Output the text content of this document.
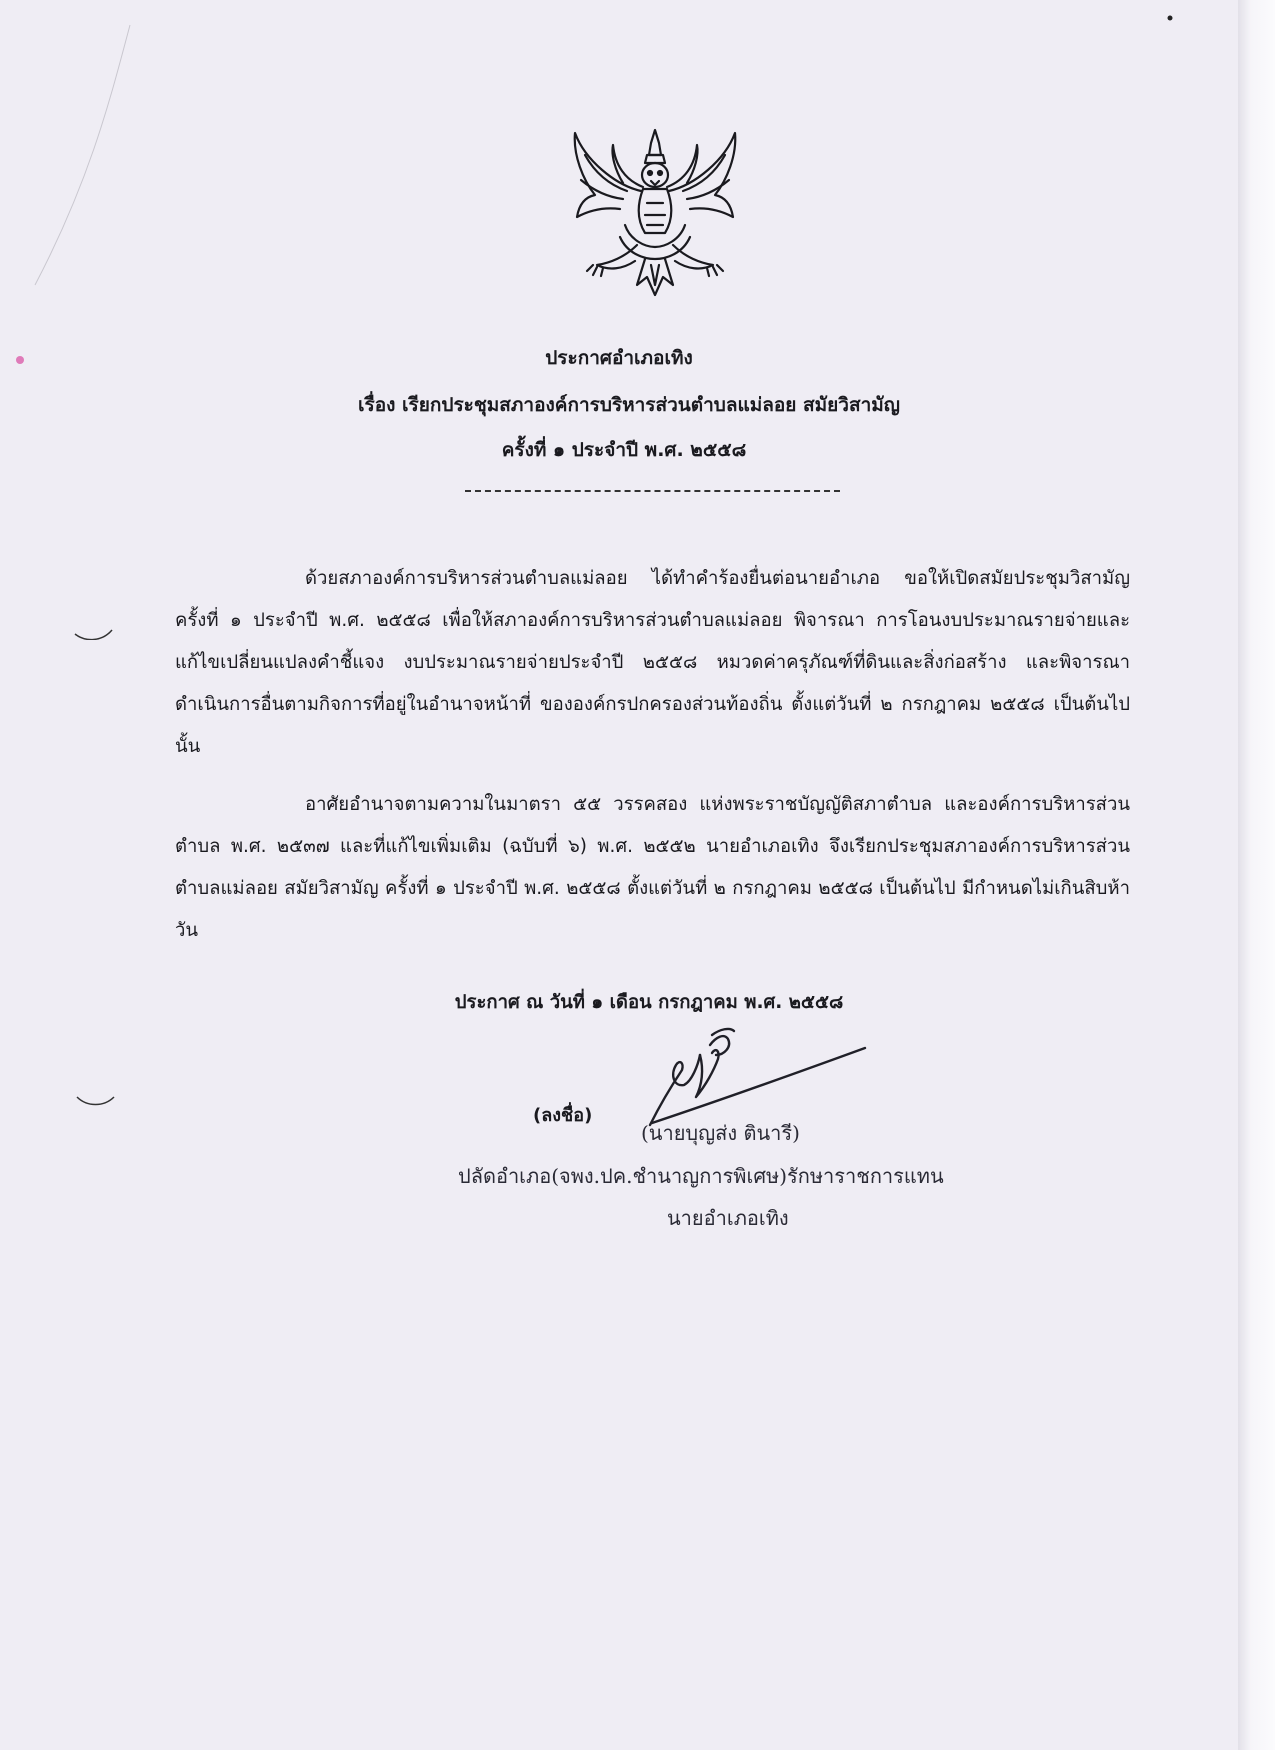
ประกาศอำเภอเทิง
เรื่อง เรียกประชุมสภาองค์การบริหารส่วนตำบลแม่ลอย สมัยวิสามัญ
ครั้งที่ ๑ ประจำปี พ.ศ. ๒๕๕๘

ด้วยสภาองค์การบริหารส่วนตำบลแม่ลอย ได้ทำคำร้องยื่นต่อนายอำเภอ ขอให้เปิดสมัยประชุมวิสามัญ ครั้งที่ ๑ ประจำปี พ.ศ. ๒๕๕๘ เพื่อให้สภาองค์การบริหารส่วนตำบลแม่ลอย พิจารณา การโอนงบประมาณรายจ่ายและแก้ไขเปลี่ยนแปลงคำชี้แจง งบประมาณรายจ่ายประจำปี ๒๕๕๘ หมวดค่าครุภัณฑ์ที่ดินและสิ่งก่อสร้าง และพิจารณาดำเนินการอื่นตามกิจการที่อยู่ในอำนาจหน้าที่ ขององค์กรปกครองส่วนท้องถิ่น ตั้งแต่วันที่ ๒ กรกฎาคม ๒๕๕๘ เป็นต้นไป นั้น

อาศัยอำนาจตามความในมาตรา ๕๕ วรรคสอง แห่งพระราชบัญญัติสภาตำบล และองค์การบริหารส่วนตำบล พ.ศ. ๒๕๓๗ และที่แก้ไขเพิ่มเติม (ฉบับที่ ๖) พ.ศ. ๒๕๕๒ นายอำเภอเทิง จึงเรียกประชุมสภาองค์การบริหารส่วนตำบลแม่ลอย สมัยวิสามัญ ครั้งที่ ๑ ประจำปี พ.ศ. ๒๕๕๘ ตั้งแต่วันที่ ๒ กรกฎาคม ๒๕๕๘ เป็นต้นไป มีกำหนดไม่เกินสิบห้าวัน

ประกาศ ณ วันที่ ๑ เดือน กรกฎาคม พ.ศ. ๒๕๕๘
(ลงชื่อ)
(นายบุญส่ง ตินารี)
ปลัดอำเภอ(จพง.ปค.ชำนาญการพิเศษ)รักษาราชการแทน
นายอำเภอเทิง
